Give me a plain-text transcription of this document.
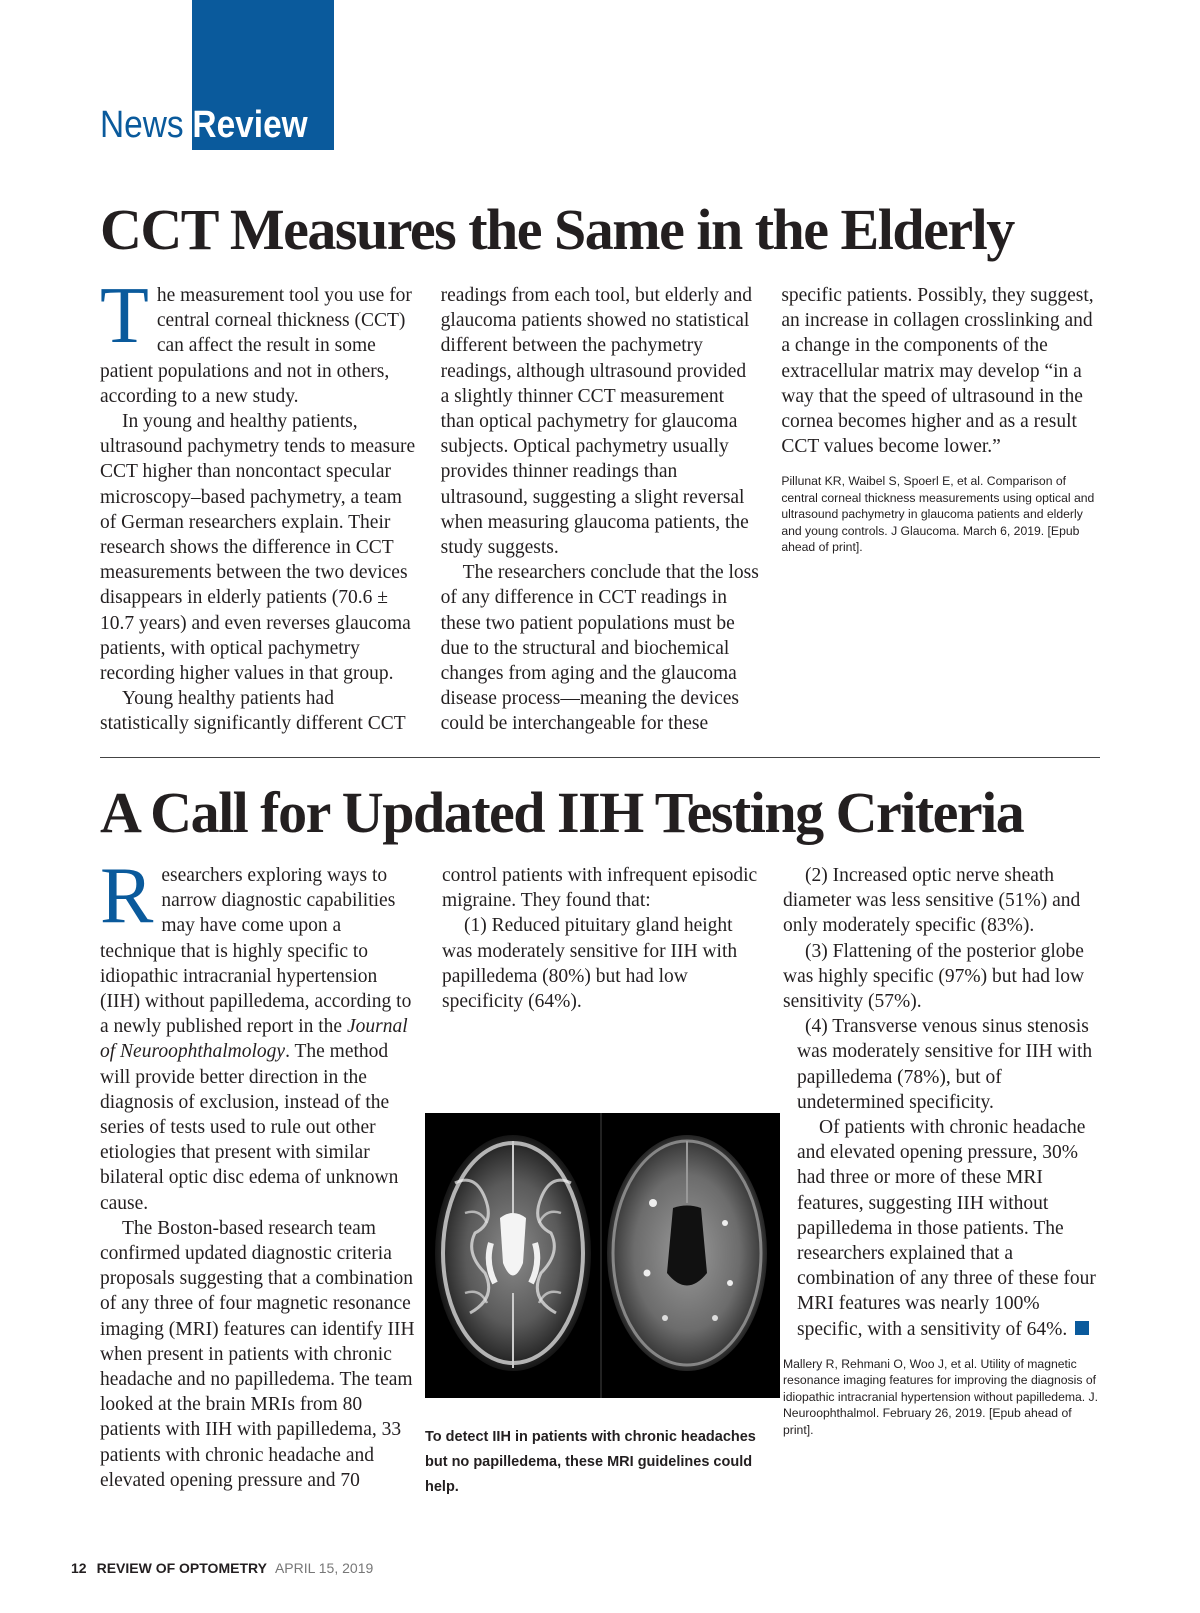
News Review
CCT Measures the Same in the Elderly

The measurement tool you use for central corneal thickness (CCT) can affect the result in some patient populations and not in others, according to a new study.

In young and healthy patients, ultrasound pachymetry tends to measure CCT higher than noncontact specular microscopy–based pachymetry, a team of German researchers explain. Their research shows the difference in CCT measurements between the two devices disappears in elderly patients (70.6 ± 10.7 years) and even reverses glaucoma patients, with optical pachymetry recording higher values in that group.

Young healthy patients had statistically significantly different CCT readings from each tool, but elderly and glaucoma patients showed no statistical different between the pachymetry readings, although ultrasound provided a slightly thinner CCT measurement than optical pachymetry for glaucoma subjects. Optical pachymetry usually provides thinner readings than ultrasound, suggesting a slight reversal when measuring glaucoma patients, the study suggests.

The researchers conclude that the loss of any difference in CCT readings in these two patient populations must be due to the structural and biochemical changes from aging and the glaucoma disease process—meaning the devices could be interchangeable for these specific patients. Possibly, they suggest, an increase in collagen crosslinking and a change in the components of the extracellular matrix may develop “in a way that the speed of ultrasound in the cornea becomes higher and as a result CCT values become lower.”

Pillunat KR, Waibel S, Spoerl E, et al. Comparison of central corneal thickness measurements using optical and ultrasound pachymetry in glaucoma patients and elderly and young controls. J Glaucoma. March 6, 2019. [Epub ahead of print].

A Call for Updated IIH Testing Criteria

Researchers exploring ways to narrow diagnostic capabilities may have come upon a technique that is highly specific to idiopathic intracranial hypertension (IIH) without papilledema, according to a newly published report in the Journal of Neuroophthalmology. The method will provide better direction in the diagnosis of exclusion, instead of the series of tests used to rule out other etiologies that present with similar bilateral optic disc edema of unknown cause.

The Boston-based research team confirmed updated diagnostic criteria proposals suggesting that a combination of any three of four magnetic resonance imaging (MRI) features can identify IIH when present in patients with chronic headache and no papilledema. The team looked at the brain MRIs from 80 patients with IIH with papilledema, 33 patients with chronic headache and elevated opening pressure and 70 control patients with infrequent episodic migraine. They found that:

(1) Reduced pituitary gland height was moderately sensitive for IIH with papilledema (80%) but had low specificity (64%).

(2) Increased optic nerve sheath diameter was less sensitive (51%) and only moderately specific (83%).

(3) Flattening of the posterior globe was highly specific (97%) but had low sensitivity (57%).

(4) Transverse venous sinus stenosis was moderately sensitive for IIH with papilledema (78%), but of undetermined specificity.

Of patients with chronic headache and elevated opening pressure, 30% had three or more of these MRI features, suggesting IIH without papilledema in those patients. The researchers explained that a combination of any three of these four MRI features was nearly 100% specific, with a sensitivity of 64%.

Mallery R, Rehmani O, Woo J, et al. Utility of magnetic resonance imaging features for improving the diagnosis of idiopathic intracranial hypertension without papilledema. J. Neuroophthalmol. February 26, 2019. [Epub ahead of print].

To detect IIH in patients with chronic headaches but no papilledema, these MRI guidelines could help.

12 REVIEW OF OPTOMETRY APRIL 15, 2019
